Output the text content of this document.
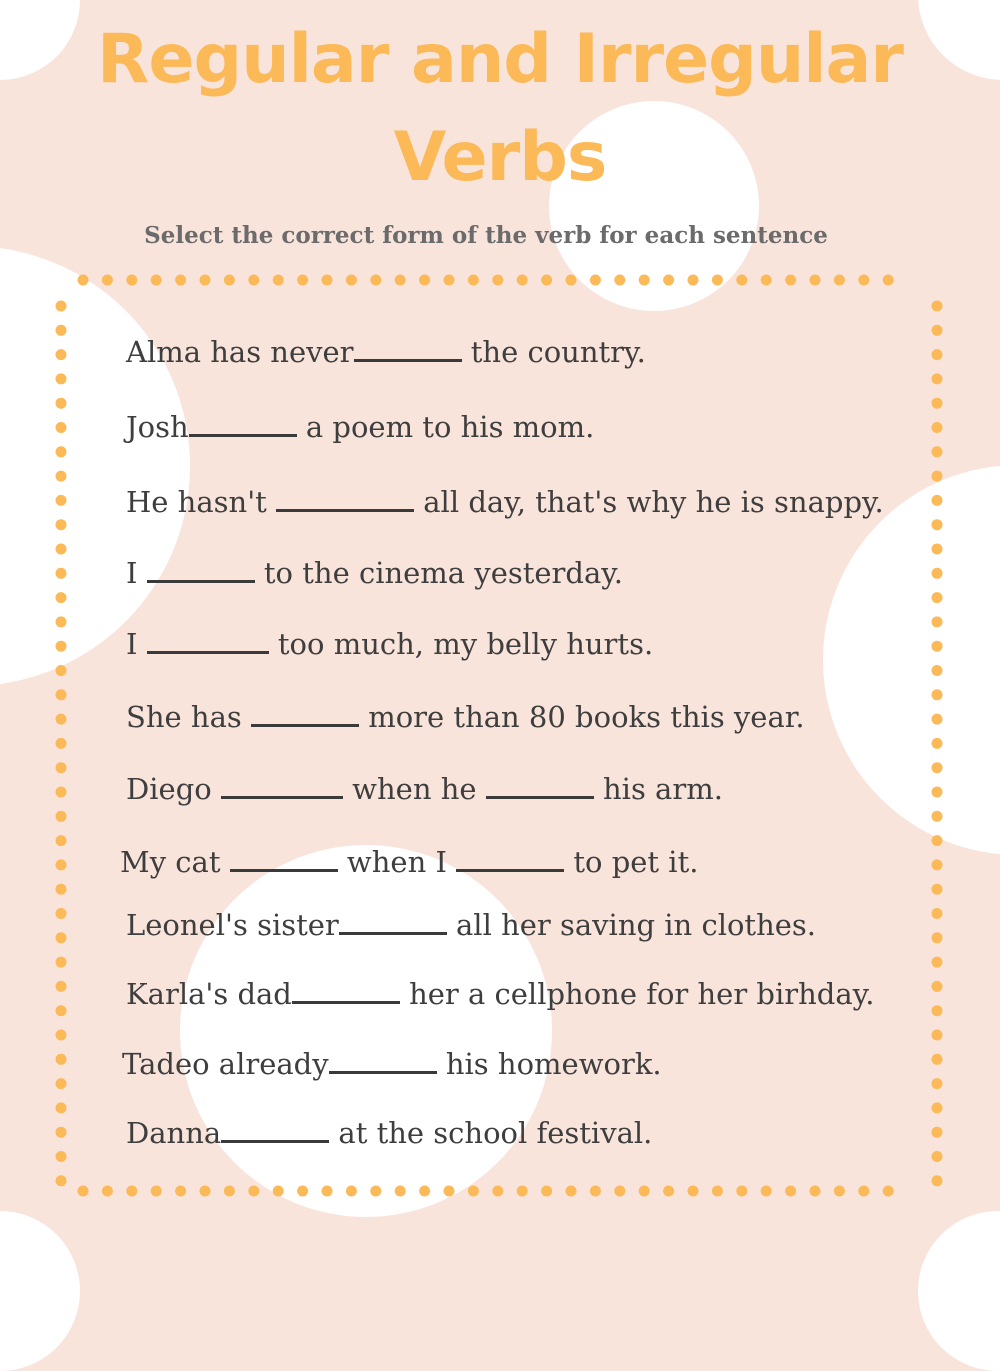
Regular and Irregular
Verbs

Select the correct form of the verb for each sentence

Alma has never	the country.
Josh	a poem to his mom.
He hasn't	all day, that's why he is snappy.
I	to the cinema yesterday.
I	too much, my belly hurts.
She has	more than 80 books this year.
Diego	when he	his arm.
My cat	when I	to pet it.
Leonel's sister	all her saving in clothes.
Karla's dad	her a cellphone for her birhday.
Tadeo already	his homework.
Danna	at the school festival.
